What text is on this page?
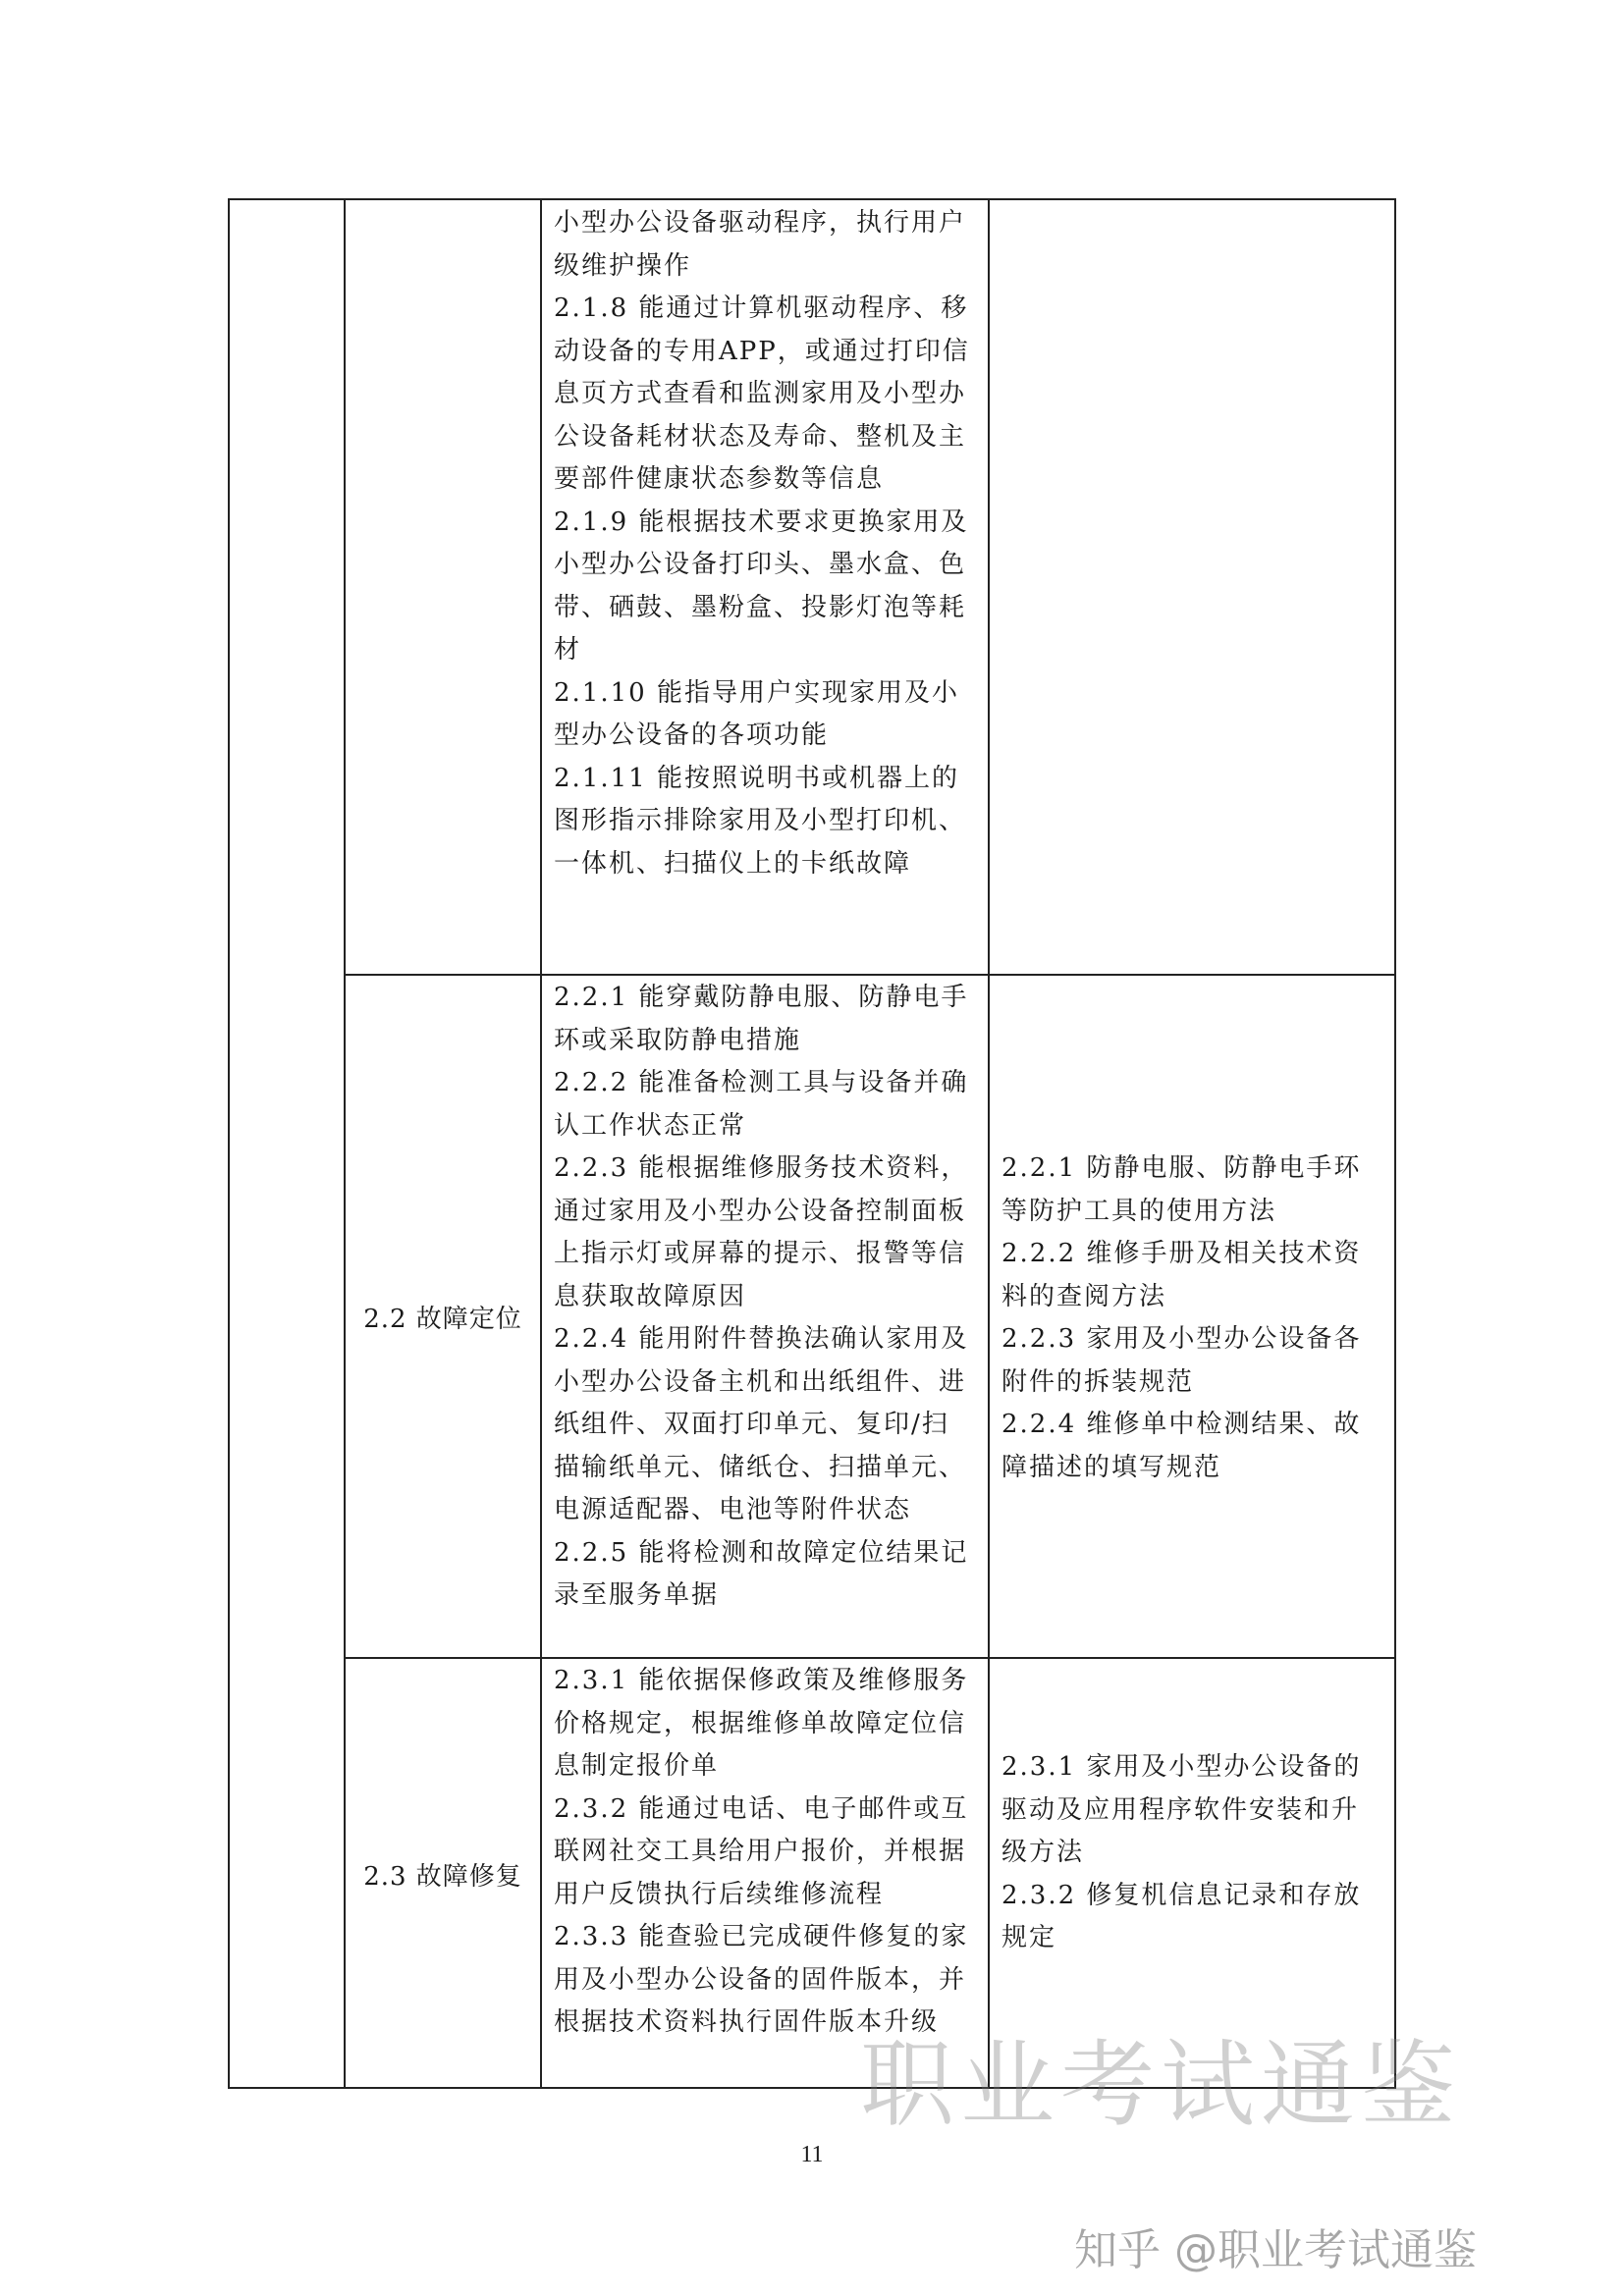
小型办公设备驱动程序，执行用户级维护操作

2.1.8 能通过计算机驱动程序、移动设备的专用APP，或通过打印信息页方式查看和监测家用及小型办公设备耗材状态及寿命、整机及主要部件健康状态参数等信息

2.1.9 能根据技术要求更换家用及小型办公设备打印头、墨水盒、色带、硒鼓、墨粉盒、投影灯泡等耗材

2.1.10 能指导用户实现家用及小型办公设备的各项功能

2.1.11 能按照说明书或机器上的图形指示排除家用及小型打印机、一体机、扫描仪上的卡纸故障

2.2 故障定位

2.2.1 能穿戴防静电服、防静电手环或采取防静电措施

2.2.2 能准备检测工具与设备并确认工作状态正常

2.2.3 能根据维修服务技术资料，通过家用及小型办公设备控制面板上指示灯或屏幕的提示、报警等信息获取故障原因

2.2.4 能用附件替换法确认家用及小型办公设备主机和出纸组件、进纸组件、双面打印单元、复印/扫描输纸单元、储纸仓、扫描单元、电源适配器、电池等附件状态

2.2.5 能将检测和故障定位结果记录至服务单据

2.2.1 防静电服、防静电手环等防护工具的使用方法

2.2.2 维修手册及相关技术资料的查阅方法

2.2.3 家用及小型办公设备各附件的拆装规范

2.2.4 维修单中检测结果、故障描述的填写规范

2.3 故障修复

2.3.1 能依据保修政策及维修服务价格规定，根据维修单故障定位信息制定报价单

2.3.2 能通过电话、电子邮件或互联网社交工具给用户报价，并根据用户反馈执行后续维修流程

2.3.3 能查验已完成硬件修复的家用及小型办公设备的固件版本，并根据技术资料执行固件版本升级

2.3.1 家用及小型办公设备的驱动及应用程序软件安装和升级方法

2.3.2 修复机信息记录和存放规定

职业考试通鉴
11
知乎 @职业考试通鉴
